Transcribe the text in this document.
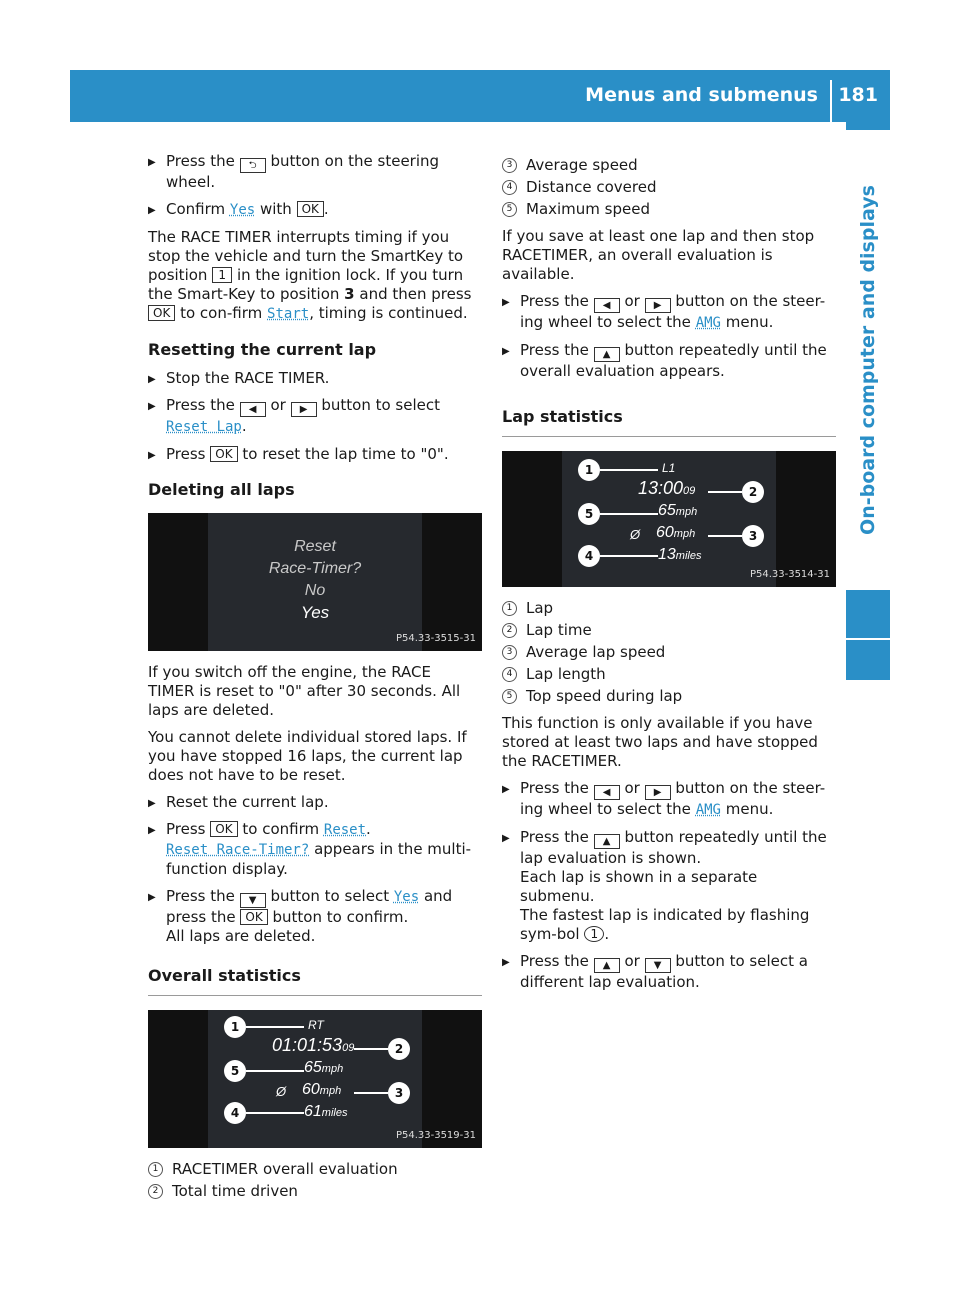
Menus and submenus 181
On-board computer and displays
▶ Press the ⮌ button on the steering wheel.
▶ Confirm Yes with OK .
The RACE TIMER interrupts timing if you stop the vehicle and turn the SmartKey to position 1 in the ignition lock. If you turn the Smart-Key to position 3 and then press OK to con-firm Start, timing is continued.
Resetting the current lap
▶ Stop the RACE TIMER.
▶ Press the ◀ or ▶ button to select Reset Lap.
▶ Press OK to reset the lap time to "0".
Deleting all laps
Reset
Race-Timer?
No
Yes
P54.33-3515-31
If you switch off the engine, the RACE TIMER is reset to "0" after 30 seconds. All laps are deleted.
You cannot delete individual stored laps. If you have stopped 16 laps, the current lap does not have to be reset.
▶ Reset the current lap.
▶ Press OK to confirm Reset.
Reset Race-Timer? appears in the multi-function display.
▶ Press the ▼ button to select Yes and press the OK button to confirm.
All laps are deleted.
Overall statistics
1	RT
01:01:5309	2
5	65mph
Ø 60mph	3
4	61miles
P54.33-3519-31
1 RACETIMER overall evaluation
2 Total time driven
3 Average speed
4 Distance covered
5 Maximum speed
If you save at least one lap and then stop RACETIMER, an overall evaluation is available.
▶ Press the ◀ or ▶ button on the steer-ing wheel to select the AMG menu.
▶ Press the ▲ button repeatedly until the overall evaluation appears.
Lap statistics
1	L1
13:0009	2
5	65mph
Ø 60mph	3
4	13miles
P54.33-3514-31
1 Lap
2 Lap time
3 Average lap speed
4 Lap length
5 Top speed during lap
This function is only available if you have stored at least two laps and have stopped the RACETIMER.
▶ Press the ◀ or ▶ button on the steer-ing wheel to select the AMG menu.
▶ Press the ▲ button repeatedly until the lap evaluation is shown.
Each lap is shown in a separate submenu.
The fastest lap is indicated by flashing sym-bol 1 .
▶ Press the ▲ or ▼ button to select a different lap evaluation.
